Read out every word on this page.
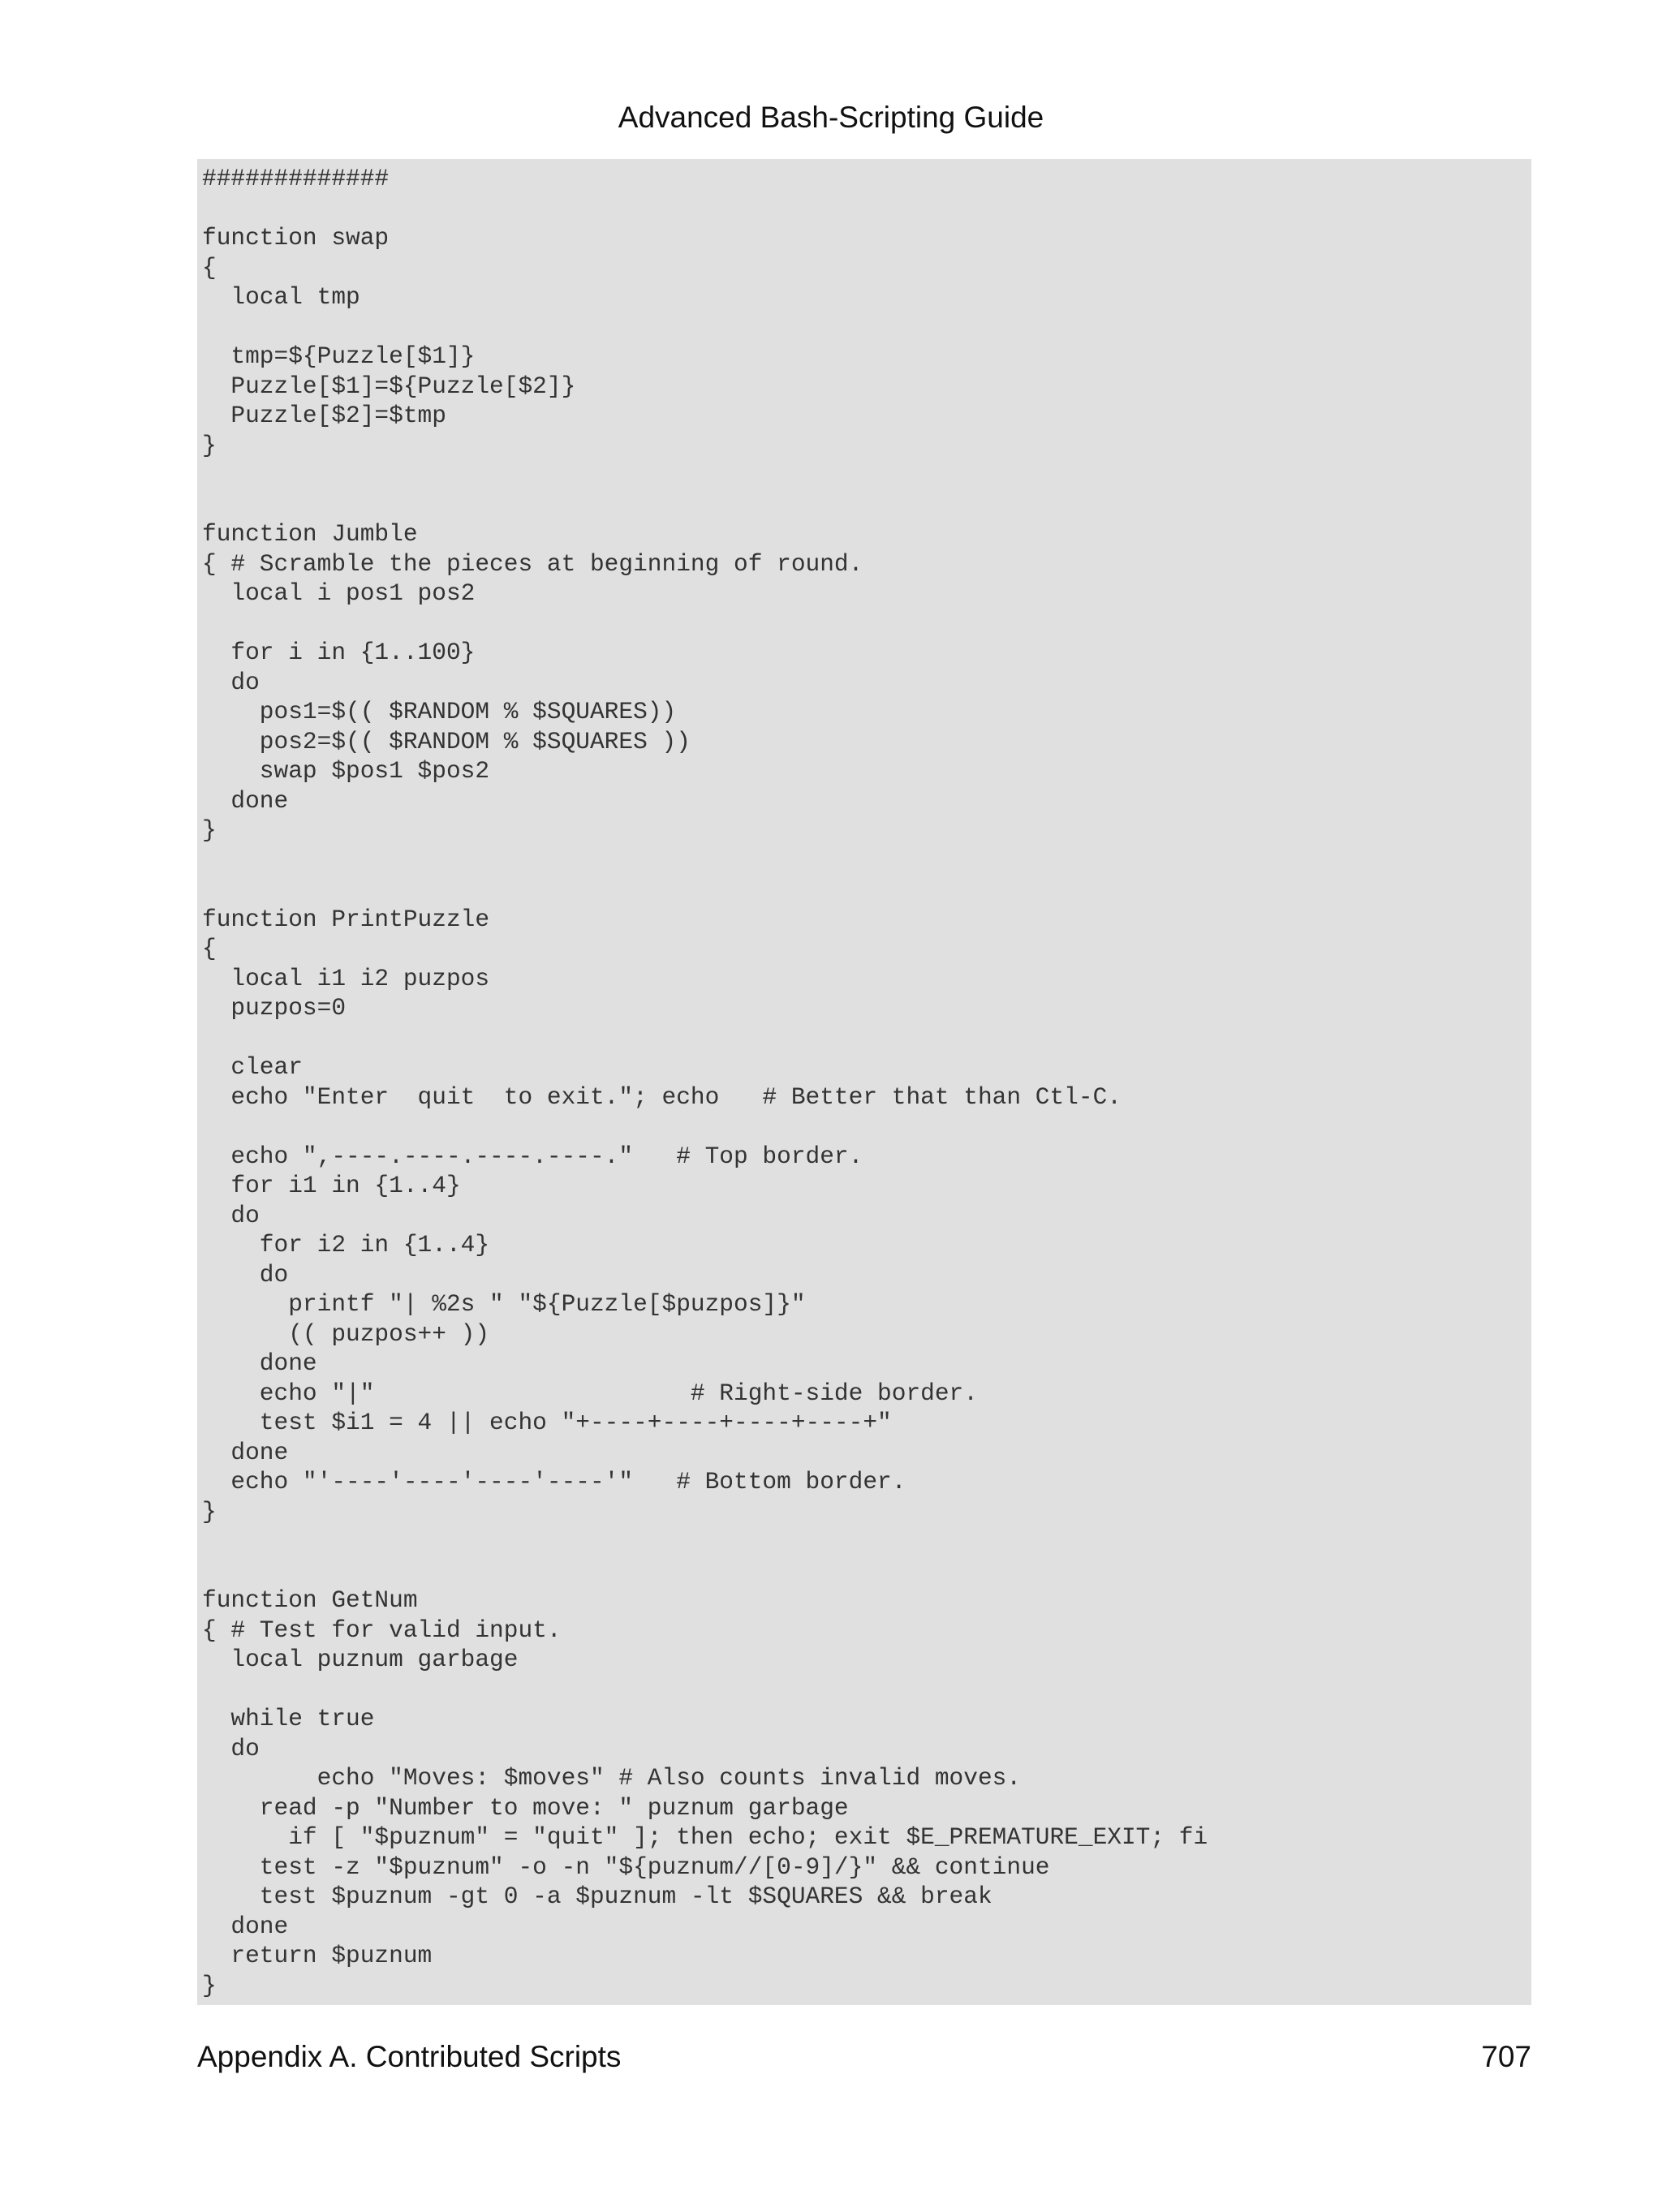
Advanced Bash-Scripting Guide
#############
function swap
{
local tmp
tmp=${Puzzle[$1]}
Puzzle[$1]=${Puzzle[$2]}
Puzzle[$2]=$tmp
}
function Jumble
{ # Scramble the pieces at beginning of round.
local i pos1 pos2
for i in {1..100}
do
pos1=$(( $RANDOM % $SQUARES))
pos2=$(( $RANDOM % $SQUARES ))
swap $pos1 $pos2
done
}
function PrintPuzzle
{
local i1 i2 puzpos
puzpos=0
clear
echo "Enter  quit  to exit."; echo   # Better that than Ctl-C.
echo ",----.----.----.----."   # Top border.
for i1 in {1..4}
do
for i2 in {1..4}
do
printf "| %2s " "${Puzzle[$puzpos]}"
(( puzpos++ ))
done
echo "|"                      # Right-side border.
test $i1 = 4 || echo "+----+----+----+----+"
done
echo "'----'----'----'----'"   # Bottom border.
}
function GetNum
{ # Test for valid input.
local puznum garbage
while true
do
echo "Moves: $moves" # Also counts invalid moves.
read -p "Number to move: " puznum garbage
if [ "$puznum" = "quit" ]; then echo; exit $E_PREMATURE_EXIT; fi
test -z "$puznum" -o -n "${puznum//[0-9]/}" && continue
test $puznum -gt 0 -a $puznum -lt $SQUARES && break
done
return $puznum
}
Appendix A. Contributed Scripts	707
